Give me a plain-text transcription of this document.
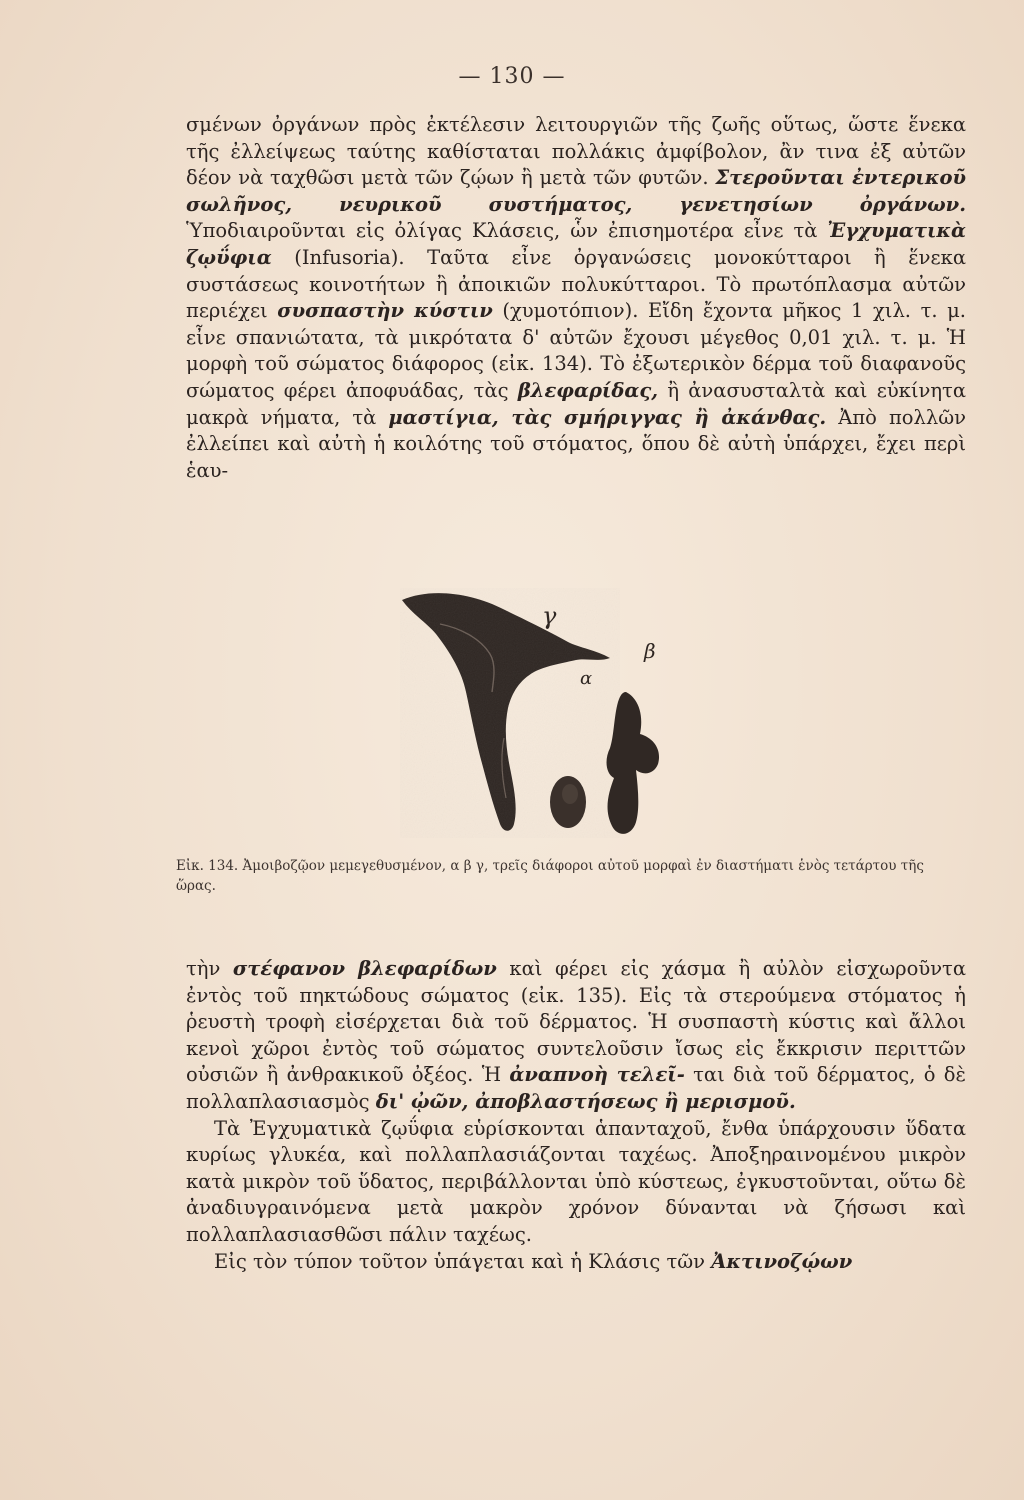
— 130 —

σμένων ὀργάνων πρὸς ἐκτέλεσιν λειτουργιῶν τῆς ζωῆς οὕτως, ὥστε ἕνεκα τῆς ἐλλείψεως ταύτης καθίσταται πολλάκις ἀμφίβολον, ἂν τινα ἐξ αὐτῶν δέον νὰ ταχθῶσι μετὰ τῶν ζῴων ἢ μετὰ τῶν φυτῶν. Στεροῦνται ἐντερικοῦ σωλῆνος, νευρικοῦ συστήματος, γενετησίων ὀργάνων. Ὑποδιαιροῦνται εἰς ὀλίγας Κλάσεις, ὧν ἐπισημοτέρα εἶνε τὰ Ἐγχυματικὰ ζῳΰφια (Infusoria). Ταῦτα εἶνε ὀργανώσεις μονοκύτταροι ἢ ἕνεκα συστάσεως κοινοτήτων ἢ ἀποικιῶν πολυκύτταροι. Τὸ πρωτόπλασμα αὐτῶν περιέχει συσπαστὴν κύστιν (χυμοτόπιον). Εἴδη ἔχοντα μῆκος 1 χιλ. τ. μ. εἶνε σπανιώτατα, τὰ μικρότατα δ' αὐτῶν ἔχουσι μέγεθος 0,01 χιλ. τ. μ. Ἡ μορφὴ τοῦ σώματος διάφορος (εἰκ. 134). Τὸ ἐξωτερικὸν δέρμα τοῦ διαφανοῦς σώματος φέρει ἀποφυάδας, τὰς βλεφαρίδας, ἢ ἀνασυσταλτὰ καὶ εὐκίνητα μακρὰ νήματα, τὰ μαστίγια, τὰς σμήριγγας ἢ ἀκάνθας. Ἀπὸ πολλῶν ἐλλείπει καὶ αὐτὴ ἡ κοιλότης τοῦ στόματος, ὅπου δὲ αὐτὴ ὑπάρχει, ἔχει περὶ ἑαυ-

γ
β
α
Εἰκ. 134. Ἀμοιβοζῷον μεμεγεθυσμένον, α β γ, τρεῖς διάφοροι αὐτοῦ μορφαὶ ἐν διαστήματι ἑνὸς τετάρτου τῆς ὥρας.

τὴν στέφανον βλεφαρίδων καὶ φέρει εἰς χάσμα ἢ αὐλὸν εἰσχωροῦντα ἐντὸς τοῦ πηκτώδους σώματος (εἰκ. 135). Εἰς τὰ στερούμενα στόματος ἡ ῥευστὴ τροφὴ εἰσέρχεται διὰ τοῦ δέρματος. Ἡ συσπαστὴ κύστις καὶ ἄλλοι κενοὶ χῶροι ἐντὸς τοῦ σώματος συντελοῦσιν ἴσως εἰς ἔκκρισιν περιττῶν οὐσιῶν ἢ ἀνθρακικοῦ ὀξέος. Ἡ ἀναπνοὴ τελεῖ- ται διὰ τοῦ δέρματος, ὁ δὲ πολλαπλασιασμὸς δι' ᾠῶν, ἀποβλαστήσεως ἢ μερισμοῦ.

Τὰ Ἐγχυματικὰ ζῳΰφια εὑρίσκονται ἁπανταχοῦ, ἔνθα ὑπάρχουσιν ὕδατα κυρίως γλυκέα, καὶ πολλαπλασιάζονται ταχέως. Ἀποξηραινομένου μικρὸν κατὰ μικρὸν τοῦ ὕδατος, περιβάλλονται ὑπὸ κύστεως, ἐγκυστοῦνται, οὕτω δὲ ἀναδιυγραινόμενα μετὰ μακρὸν χρόνον δύνανται νὰ ζήσωσι καὶ πολλαπλασιασθῶσι πάλιν ταχέως.

Εἰς τὸν τύπον τοῦτον ὑπάγεται καὶ ἡ Κλάσις τῶν Ἀκτινοζῴων
